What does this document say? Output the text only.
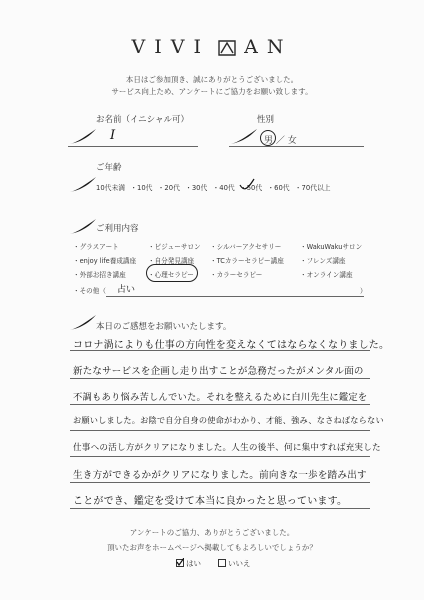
VIVI AN
本日はご参加頂き、誠にありがとうございました。
サービス向上ため、アンケートにご協力をお願い致します。
お名前（イニシャル可）
I
性別
男 ／ 女
ご年齢
10代未満 ・10代 ・20代 ・30代 ・40代 ・50代 ・60代 ・70代以上
ご利用内容
・グラスアート	・ビジューサロン ・シルバーアクセサリー	・WakuWakuサロン
・enjoy life養成講座 ・自分発見講座 ・TCカラーセラピー講座 ・フレンズ講座
・外部お招き講座	・心理セラピー ・カラーセラピー	・オンライン講座
・その他（ 占い	）
本日のご感想をお願いいたします。
コロナ渦によりも仕事の方向性を変えなくてはならなくなりました。
新たなサービスを企画し走り出すことが急務だったがメンタル面の
不調もあり悩み苦しんでいた。それを整えるために白川先生に鑑定を
お願いしました。お陰で自分自身の使命がわかり、才能、強み、なさねばならない
仕事への活し方がクリアになりました。人生の後半、何に集中すれば充実した
生き方ができるかがクリアになりました。前向きな一歩を踏み出す
ことができ、鑑定を受けて本当に良かったと思っています。
アンケートのご協力、ありがとうございました。
頂いたお声をホームページへ掲載してもよろしいでしょうか？
はい	いいえ
